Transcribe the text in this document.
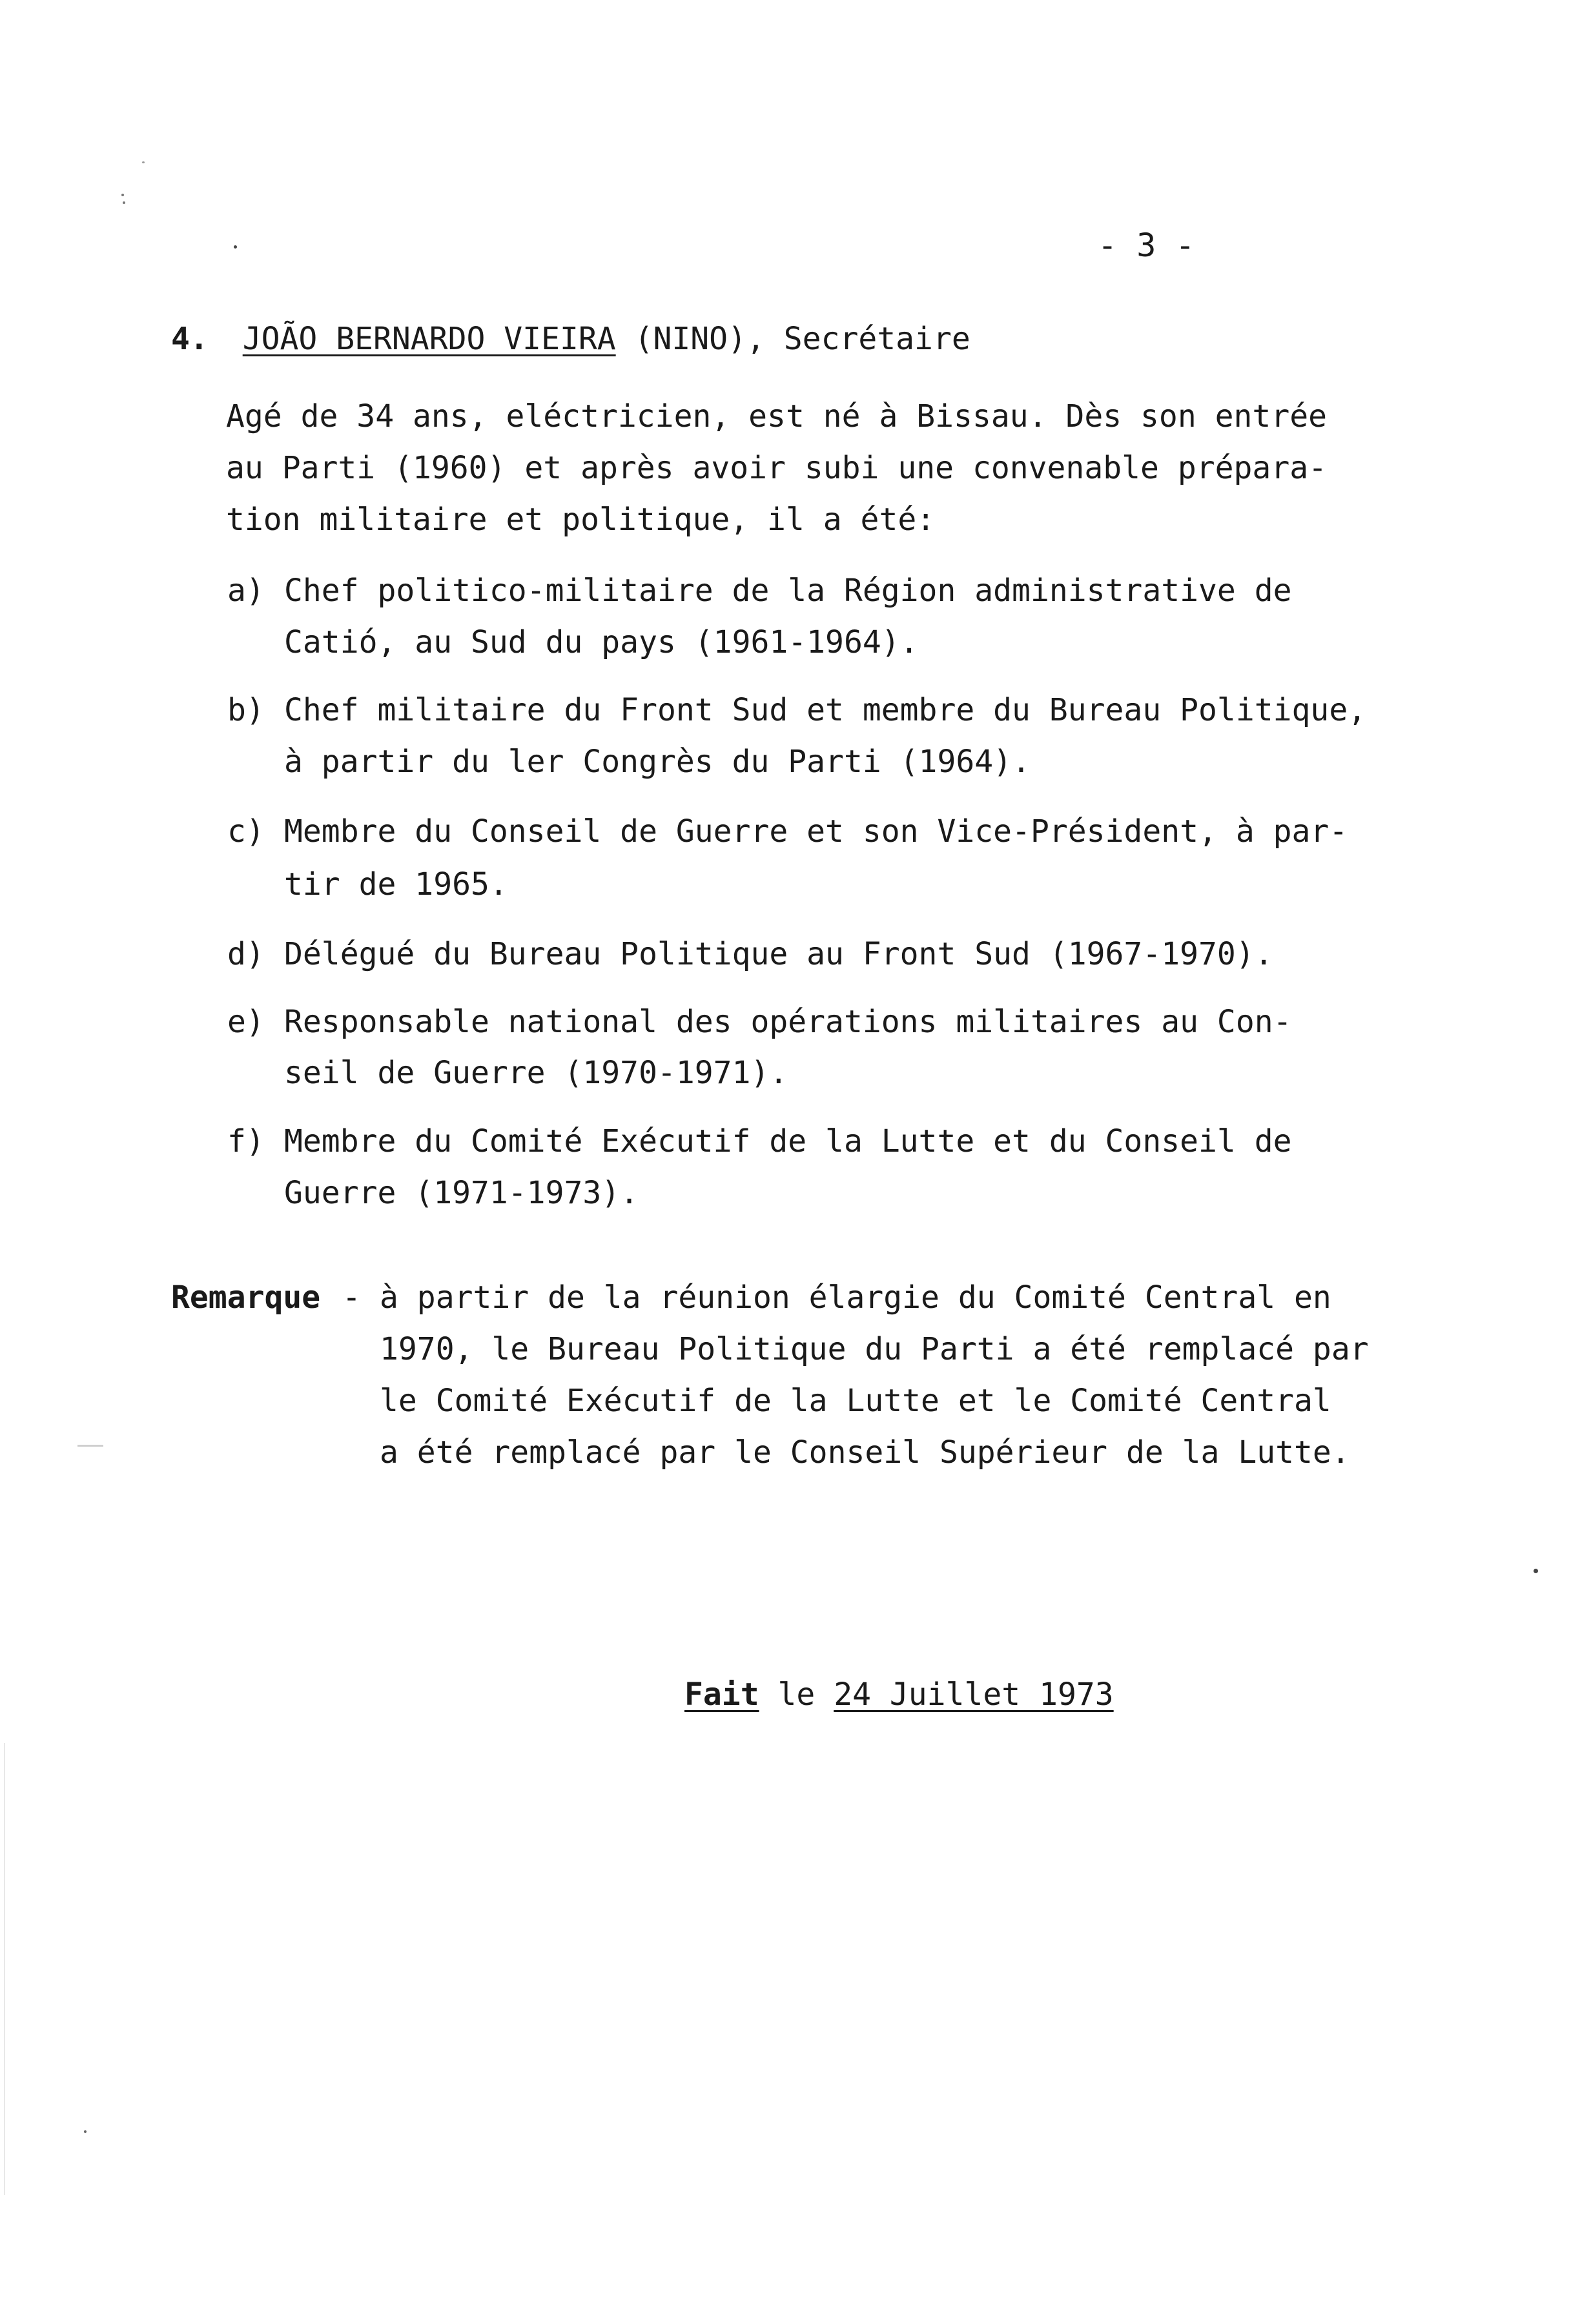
- 3 -
4. JOÃO BERNARDO VIEIRA (NINO), Secrétaire
Agé de 34 ans, eléctricien, est né à Bissau. Dès son entrée
au Parti (1960) et après avoir subi une convenable prépara-
tion militaire et politique, il a été:
a) Chef politico-militaire de la Région administrative de
Catió, au Sud du pays (1961-1964).
b) Chef militaire du Front Sud et membre du Bureau Politique,
à partir du ler Congrès du Parti (1964).
c) Membre du Conseil de Guerre et son Vice-Président, à par-
tir de 1965.
d) Délégué du Bureau Politique au Front Sud (1967-1970).
e) Responsable national des opérations militaires au Con-
seil de Guerre (1970-1971).
f) Membre du Comité Exécutif de la Lutte et du Conseil de
Guerre (1971-1973).
Remarque - à partir de la réunion élargie du Comité Central en
1970, le Bureau Politique du Parti a été remplacé par
le Comité Exécutif de la Lutte et le Comité Central
a été remplacé par le Conseil Supérieur de la Lutte.
Fait le 24 Juillet 1973
